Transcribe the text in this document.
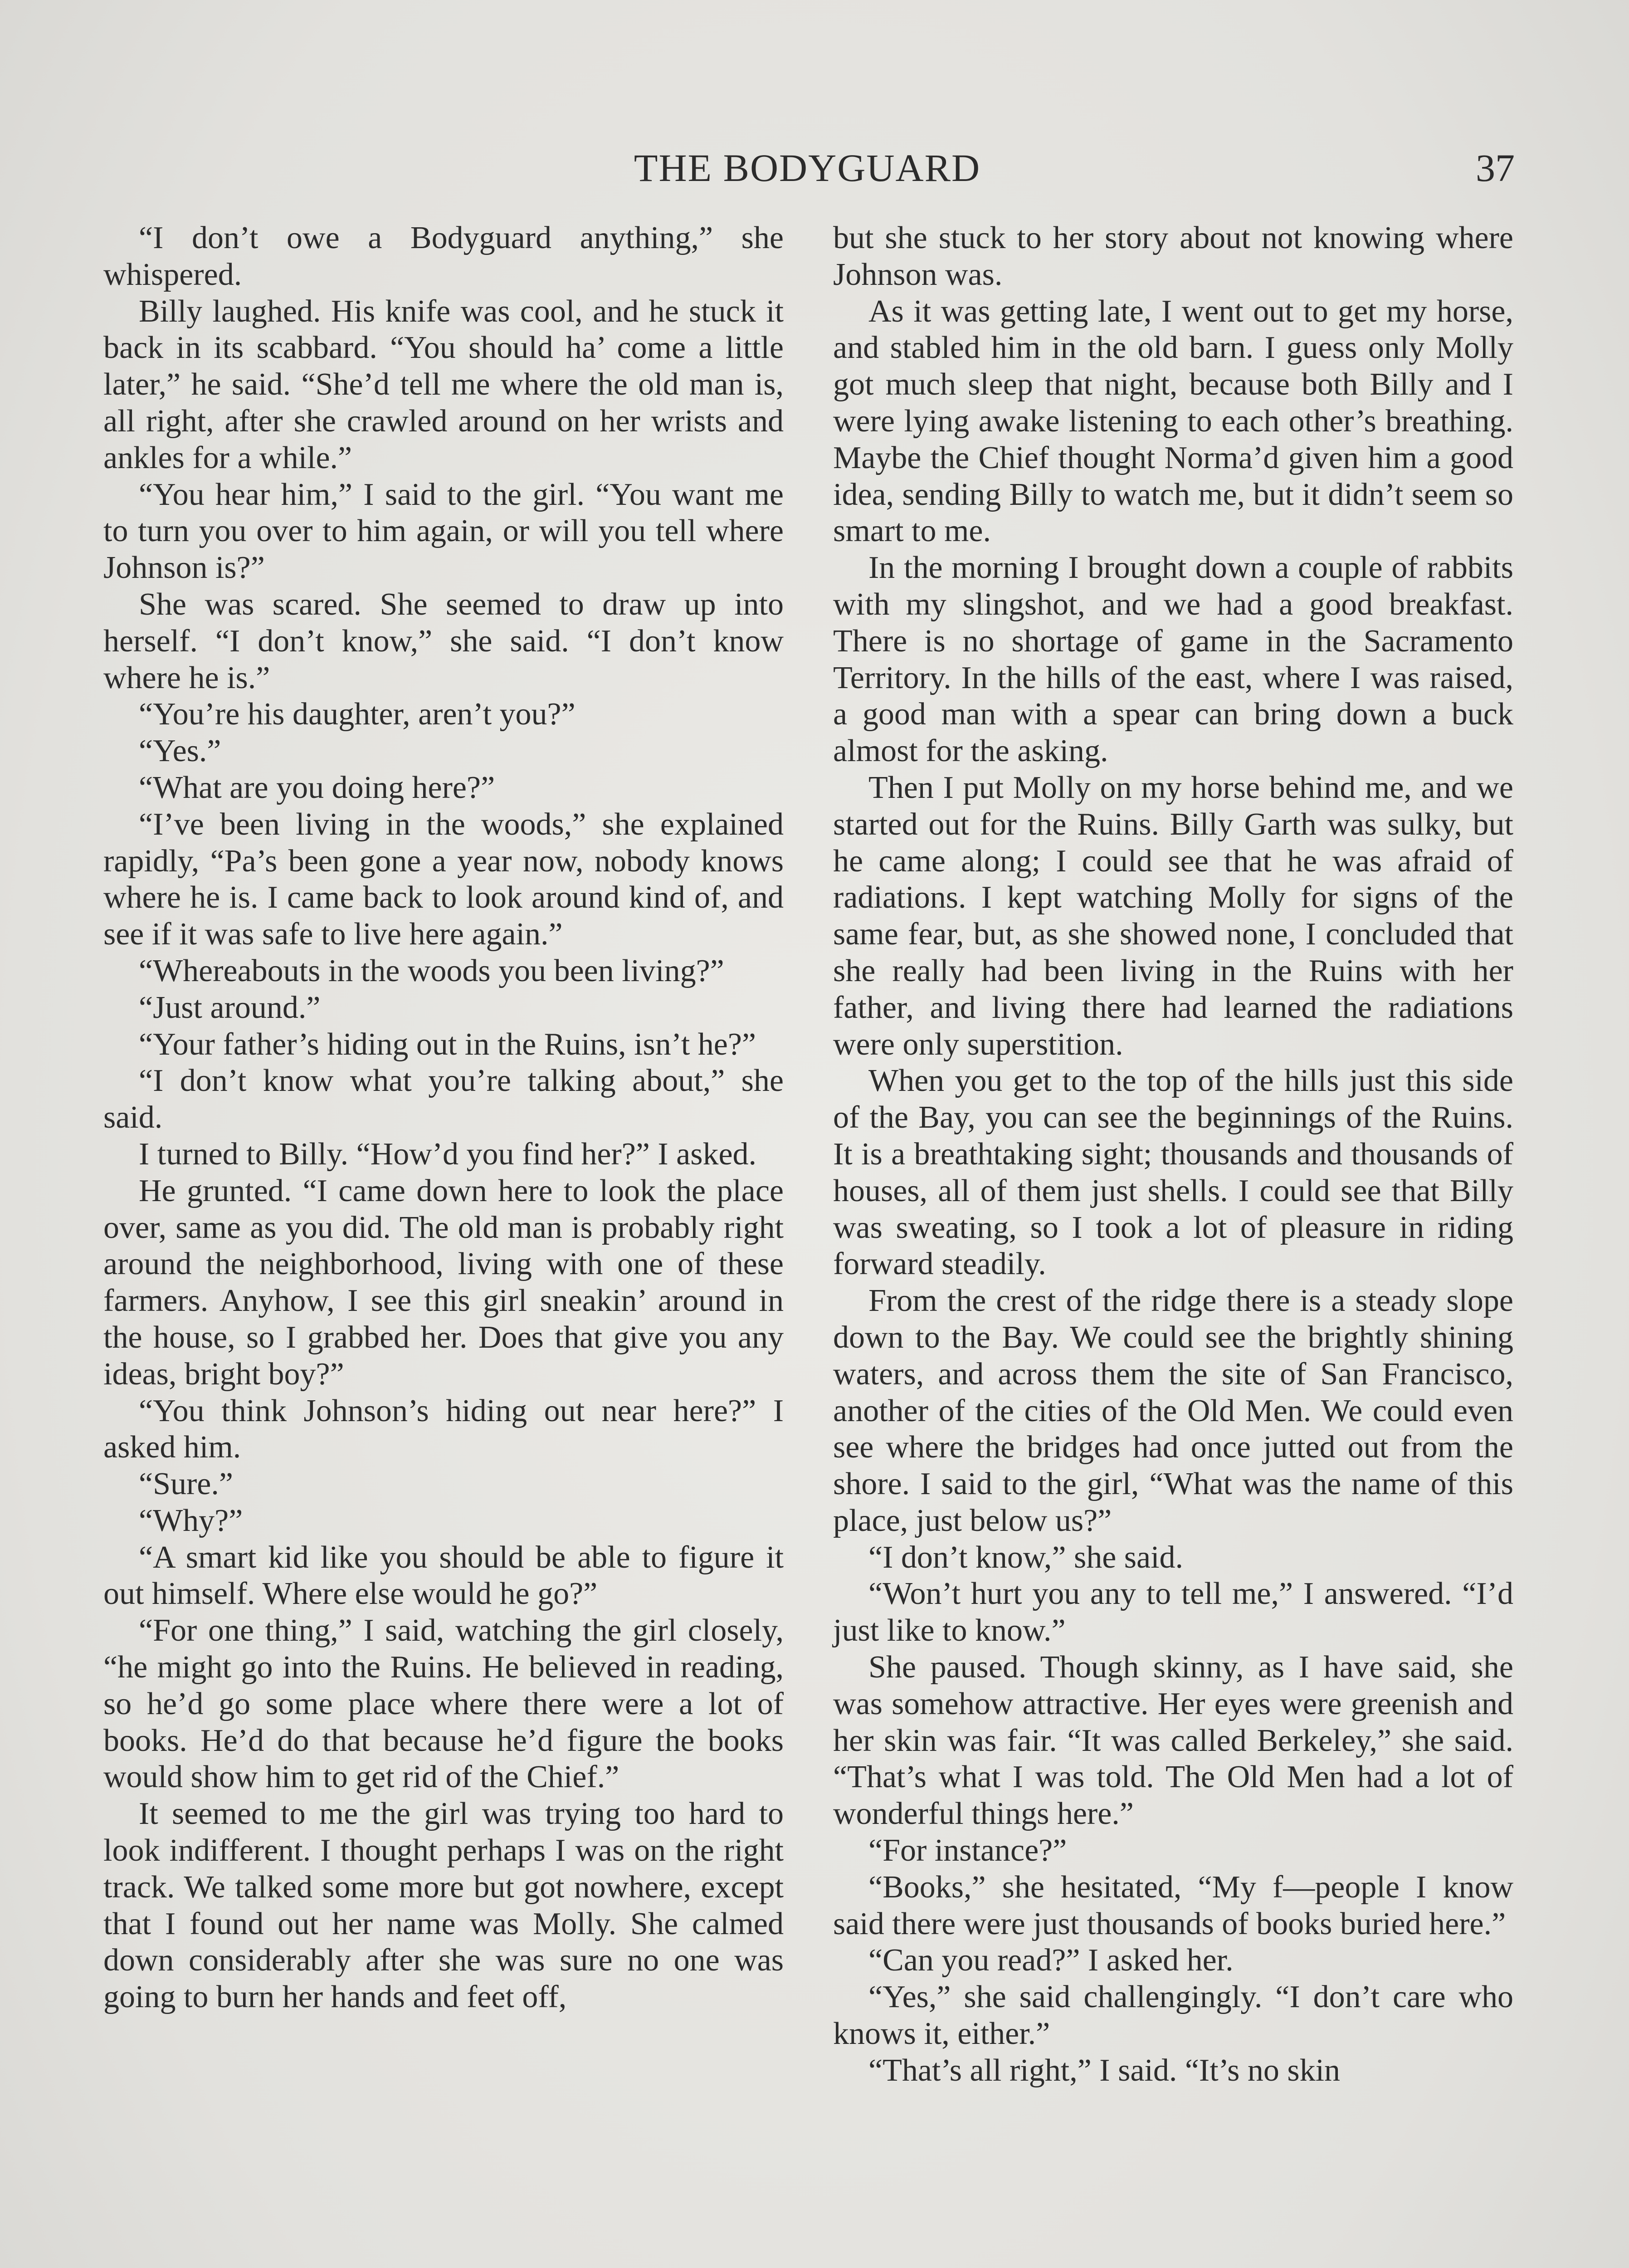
THE BODYGUARD	37

“I don’t owe a Bodyguard anything,” she whispered.

Billy laughed. His knife was cool, and he stuck it back in its scabbard. “You should ha’ come a little later,” he said. “She’d tell me where the old man is, all right, after she crawled around on her wrists and ankles for a while.”

“You hear him,” I said to the girl. “You want me to turn you over to him again, or will you tell where Johnson is?”

She was scared. She seemed to draw up into herself. “I don’t know,” she said. “I don’t know where he is.”

“You’re his daughter, aren’t you?”

“Yes.”

“What are you doing here?”

“I’ve been living in the woods,” she explained rapidly, “Pa’s been gone a year now, nobody knows where he is. I came back to look around kind of, and see if it was safe to live here again.”

“Whereabouts in the woods you been living?”

“Just around.”

“Your father’s hiding out in the Ruins, isn’t he?”

“I don’t know what you’re talking about,” she said.

I turned to Billy. “How’d you find her?” I asked.

He grunted. “I came down here to look the place over, same as you did. The old man is probably right around the neighborhood, living with one of these farmers. Anyhow, I see this girl sneakin’ around in the house, so I grabbed her. Does that give you any ideas, bright boy?”

“You think Johnson’s hiding out near here?” I asked him.

“Sure.”

“Why?”

“A smart kid like you should be able to figure it out himself. Where else would he go?”

“For one thing,” I said, watching the girl closely, “he might go into the Ruins. He believed in reading, so he’d go some place where there were a lot of books. He’d do that because he’d figure the books would show him to get rid of the Chief.”

It seemed to me the girl was trying too hard to look indifferent. I thought perhaps I was on the right track. We talked some more but got nowhere, except that I found out her name was Molly. She calmed down considerably after she was sure no one was going to burn her hands and feet off,

but she stuck to her story about not knowing where Johnson was.

As it was getting late, I went out to get my horse, and stabled him in the old barn. I guess only Molly got much sleep that night, because both Billy and I were lying awake listening to each other’s breathing. Maybe the Chief thought Norma’d given him a good idea, sending Billy to watch me, but it didn’t seem so smart to me.

In the morning I brought down a couple of rabbits with my slingshot, and we had a good breakfast. There is no shortage of game in the Sacramento Territory. In the hills of the east, where I was raised, a good man with a spear can bring down a buck almost for the asking.

Then I put Molly on my horse behind me, and we started out for the Ruins. Billy Garth was sulky, but he came along; I could see that he was afraid of radiations. I kept watching Molly for signs of the same fear, but, as she showed none, I concluded that she really had been living in the Ruins with her father, and living there had learned the radiations were only superstition.

When you get to the top of the hills just this side of the Bay, you can see the beginnings of the Ruins. It is a breathtaking sight; thousands and thousands of houses, all of them just shells. I could see that Billy was sweating, so I took a lot of pleasure in riding forward steadily.

From the crest of the ridge there is a steady slope down to the Bay. We could see the brightly shining waters, and across them the site of San Francisco, another of the cities of the Old Men. We could even see where the bridges had once jutted out from the shore. I said to the girl, “What was the name of this place, just below us?”

“I don’t know,” she said.

“Won’t hurt you any to tell me,” I answered. “I’d just like to know.”

She paused. Though skinny, as I have said, she was somehow attractive. Her eyes were greenish and her skin was fair. “It was called Berkeley,” she said. “That’s what I was told. The Old Men had a lot of wonderful things here.”

“For instance?”

“Books,” she hesitated, “My f—people I know said there were just thousands of books buried here.”

“Can you read?” I asked her.

“Yes,” she said challengingly. “I don’t care who knows it, either.”

“That’s all right,” I said. “It’s no skin
